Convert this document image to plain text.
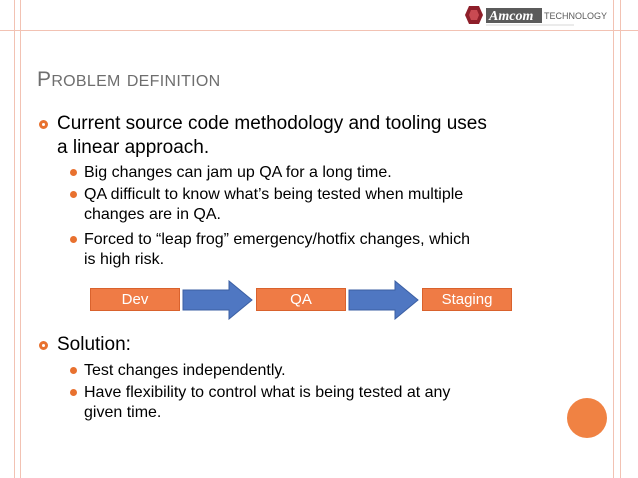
Amcom TECHNOLOGY
PROBLEM DEFINITION
Current source code methodology and tooling uses
a linear approach.
Big changes can jam up QA for a long time.
QA difficult to know what’s being tested when multiple
changes are in QA.
Forced to “leap frog” emergency/hotfix changes, which
is high risk.
Dev	QA	Staging
Solution:
Test changes independently.
Have flexibility to control what is being tested at any
given time.
